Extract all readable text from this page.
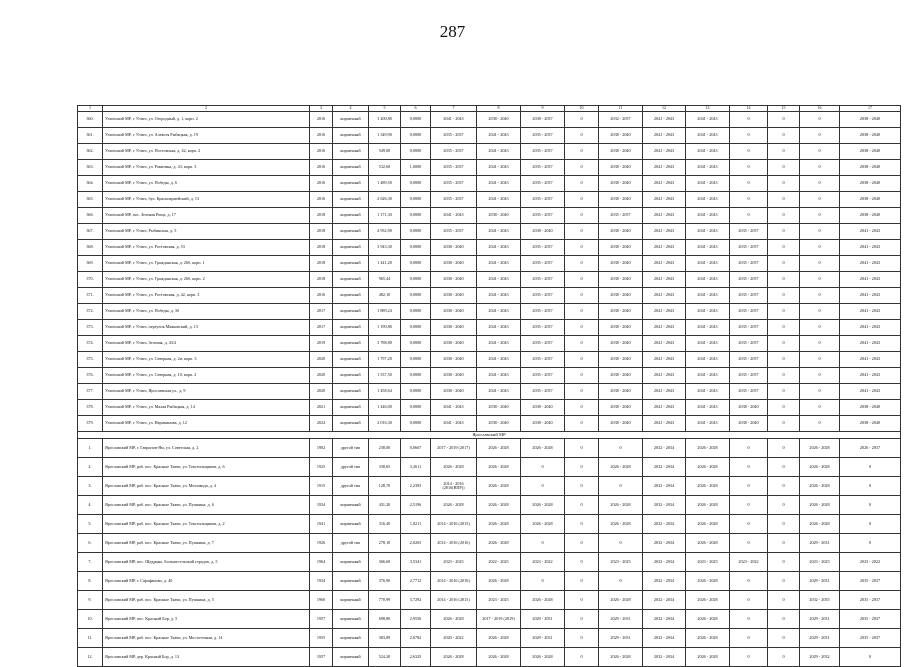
287
1	2	3	4	5	6	7	8	9	10	11	12	13	14	15	16	17
360.	Угличский МР, г. Углич, ул. Огородный, д. 1, корп. 2	2016	кирпичный	1 200,80	0,0000	2041 - 2043	2038 - 2040	2038 - 2037	0	2032 - 2037	2041 - 2043	2041 - 2043	0	0	0	2038 - 2040
361.	Угличский МР, г. Углич, ул. Алексея Рыбацкая, д. 19	2016	кирпичный	1 349,90	0,0000	2035 - 2037	2041 - 2043	2035 - 2037	0	2038 - 2040	2041 - 2043	2041 - 2043	0	0	0	2038 - 2040
362.	Угличский МР, г. Углич, ул. Постовская, д. 42, корп. 2	2016	кирпичный	549,00	0,0000	2035 - 2037	2041 - 2043	2035 - 2037	0	2038 - 2040	2041 - 2043	2041 - 2043	0	0	0	2038 - 2040
363.	Угличский МР, г. Углич, ул. Ракитина, д. 43, корп. 3	2016	кирпичный	532,60	1,0000	2035 - 2037	2041 - 2043	2035 - 2037	0	2038 - 2040	2041 - 2043	2041 - 2043	0	0	0	2038 - 2040
364.	Угличский МР, г. Углич, ул. Победы, д. 6	2016	кирпичный	1 489,50	0,0000	2035 - 2037	2041 - 2043	2035 - 2037	0	2038 - 2040	2041 - 2043	2041 - 2043	0	0	0	2038 - 2040
365.	Угличский МР, г. Углич, бул. Красноармейский, д. 13	2016	кирпичный	2 626,30	0,0000	2035 - 2037	2041 - 2043	2035 - 2037	0	2038 - 2040	2041 - 2043	2041 - 2043	0	0	0	2038 - 2040
366.	Угличский МР, пос. Зеленая Роща, д. 17	2018	кирпичный	1 171,30	0,0000	2041 - 2043	2038 - 2040	2035 - 2037	0	2035 - 2037	2041 - 2043	2041 - 2043	0	0	0	2038 - 2040
367.	Угличский МР, г. Углич, Рыбинская, д. 5	2018	кирпичный	4 932,90	0,0000	2035 - 2037	2041 - 2043	2038 - 2040	0	2038 - 2040	2041 - 2043	2041 - 2043	2035 - 2037	0	0	2041 - 2043
368.	Угличский МР, г. Углич, ул. Ростовская, д. 53	2018	кирпичный	3 943,30	0,0000	2038 - 2040	2041 - 2043	2035 - 2037	0	2038 - 2040	2041 - 2043	2041 - 2043	2035 - 2037	0	0	2041 - 2043
369.	Угличский МР, г. Углич, ул. Гражданская, д. 26б, корп. 1	2018	кирпичный	1 441,20	0,0000	2038 - 2040	2041 - 2043	2035 - 2037	0	2038 - 2040	2041 - 2043	2041 - 2043	2035 - 2037	0	0	2041 - 2043
370.	Угличский МР, г. Углич, ул. Гражданская, д. 26б, корп. 2	2018	кирпичный	965,44	0,0000	2038 - 2040	2041 - 2043	2035 - 2037	0	2038 - 2040	2041 - 2043	2041 - 2043	2035 - 2037	0	0	2041 - 2043
371.	Угличский МР, г. Углич, ул. Ростовская, д. 42, корп. 3	2016	кирпичный	482,10	0,0000	2038 - 2040	2041 - 2043	2035 - 2037	0	2038 - 2040	2041 - 2043	2041 - 2043	2035 - 2037	0	0	2041 - 2043
372.	Угличский МР, г. Углич, ул. Победы, д. 3б	2017	кирпичный	1 889,24	0,0000	2038 - 2040	2041 - 2043	2035 - 2037	0	2038 - 2040	2041 - 2043	2041 - 2043	2035 - 2037	0	0	2041 - 2043
373.	Угличский МР, г. Углич, переулок Маяковский, д. 13	2017	кирпичный	1 190,80	0,0000	2038 - 2040	2041 - 2043	2035 - 2037	0	2038 - 2040	2041 - 2043	2041 - 2043	2035 - 2037	0	0	2041 - 2043
374.	Угличский МР, г. Углич, Зеленая, д. 43/2	2019	кирпичный	3 788,80	0,0000	2038 - 2040	2041 - 2043	2035 - 2037	0	2038 - 2040	2041 - 2043	2041 - 2043	2035 - 2037	0	0	2041 - 2043
375.	Угличский МР, г. Углич, ул. Северная, д. 2и, корп. 3	2020	кирпичный	1 797,20	0,0000	2038 - 2040	2041 - 2043	2035 - 2037	0	2038 - 2040	2041 - 2043	2041 - 2043	2035 - 2037	0	0	2041 - 2043
376.	Угличский МР, г. Углич, ул. Северная, д. 10, корп. 2	2020	кирпичный	1 537,50	0,0000	2038 - 2040	2041 - 2043	2035 - 2037	0	2038 - 2040	2041 - 2043	2041 - 2043	2035 - 2037	0	0	2041 - 2043
377.	Угличский МР, г. Углич, Ярославская ул., д. 9	2020	кирпичный	1 458,64	0,0000	2038 - 2040	2041 - 2043	2035 - 2037	0	2038 - 2040	2041 - 2043	2041 - 2043	2035 - 2037	0	0	2041 - 2043
378.	Угличский МР, г. Углич, ул. Малая Рыбацкая, д. 14	2021	кирпичный	1 446,00	0,0000	2041 - 2043	2038 - 2040	2038 - 2040	0	2038 - 2040	2041 - 2043	2041 - 2043	2038 - 2040	0	0	2038 - 2040
379.	Угличский МР, г. Углич, ул. Нариманова, д. 12	2022	кирпичный	2 016,30	0,0000	2041 - 2043	2038 - 2040	2038 - 2040	0	2038 - 2040	2041 - 2043	2041 - 2043	2038 - 2040	0	0	2038 - 2040
Ярославский МР																
1.	Ярославский МР, г. Гаврилов-Ям, ул. Советская, д. 2	1902	другой тип	238,00	0,0667	2017 - 2019 (2017)	2026 - 2028	2026 - 2028	0	0	2032 - 2034	2026 - 2028	0	0	2026 - 2028	2026 - 2037
2.	Ярославский МР, раб. пос. Красные Ткачи, ул. Текстильщиков, д. 6	1925	другой тип	338,65	3,2611	2026 - 2028	2026 - 2028	0	0	2026 - 2028	2032 - 2034	2026 - 2028	0	0	2026 - 2028	0
3.	Ярославский МР, раб. пос. Красные Ткачи, ул. Мехзавода, д. 4	1915	другой тип	128,70	2,2393	2014 - 2016 (2016(ВПР))	2026 - 2028	0	0	0	2032 - 2034	2026 - 2028	0	0	2026 - 2028	0
4.	Ярославский МР, раб. пос. Красные Ткачи, ул. Пушкина, д. 6	1934	кирпичный	431,20	2,5196	2026 - 2028	2026 - 2028	2026 - 2028	0	2026 - 2028	2032 - 2034	2026 - 2028	0	0	2026 - 2028	0
5.	Ярославский МР, раб. пос. Красные Ткачи, ул. Текстильщиков, д. 2	1941	кирпичный	316,40	1,0211	2014 - 2016 (2015)	2026 - 2028	2026 - 2028	0	2026 - 2028	2032 - 2034	2026 - 2028	0	0	2026 - 2028	0
6.	Ярославский МР, раб. пос. Красные Ткачи, ул. Пушкина, д. 7	1926	другой тип	278,10	2,0265	2014 - 2016 (2016)	2026 - 2028	0	0	0	2032 - 2034	2026 - 2028	0	0	2029 - 2031	0
7.	Ярославский МР, пос. Щедрино, Большесельский городок, д. 5	1964	кирпичный	366,60	3,5341	2023 - 2025	2022 - 2025	2023 - 2022	0	2023 - 2025	2032 - 2034	2023 - 2025	2023 - 2022	0	2023 - 2025	2023 - 2022
8.	Ярославский МР, г. Сарафаново, д. 40	1934	кирпичный	376,90	2,7712	2014 - 2016 (2016)	2026 - 2028	0	0	0	2032 - 2034	2026 - 2028	0	0	2029 - 2031	2035 - 2037
9.	Ярославский МР, раб. пос. Красные Ткачи, ул. Пушкина, д. 5	1960	кирпичный	770,99	3,7292	2014 - 2016 (2015)	2023 - 2025	2026 - 2028	0	2026 - 2028	2032 - 2034	2026 - 2028	0	0	2032 - 2035	2035 - 2037
10.	Ярославский МР, пос. Красный Бор, д. 5	1957	кирпичный	698,80	2,9556	2026 - 2028	2017 - 2019 (2019)	2029 - 2031	0	2029 - 2031	2032 - 2034	2026 - 2028	0	0	2029 - 2031	2035 - 2037
11.	Ярославский МР, раб. пос. Красные Ткачи, ул. Мостотечная, д. 14	1955	кирпичный	383,89	2,6782	2020 - 2022	2026 - 2028	2029 - 2031	0	2029 - 2031	2032 - 2034	2026 - 2028	0	0	2029 - 2031	2035 - 2037
12.	Ярославский МР, дер. Красный Бор, д. 13	1957	кирпичный	524,20	2,6325	2026 - 2028	2026 - 2028	2026 - 2028	0	2026 - 2028	2032 - 2034	2026 - 2028	0	0	2029 - 2032	0
